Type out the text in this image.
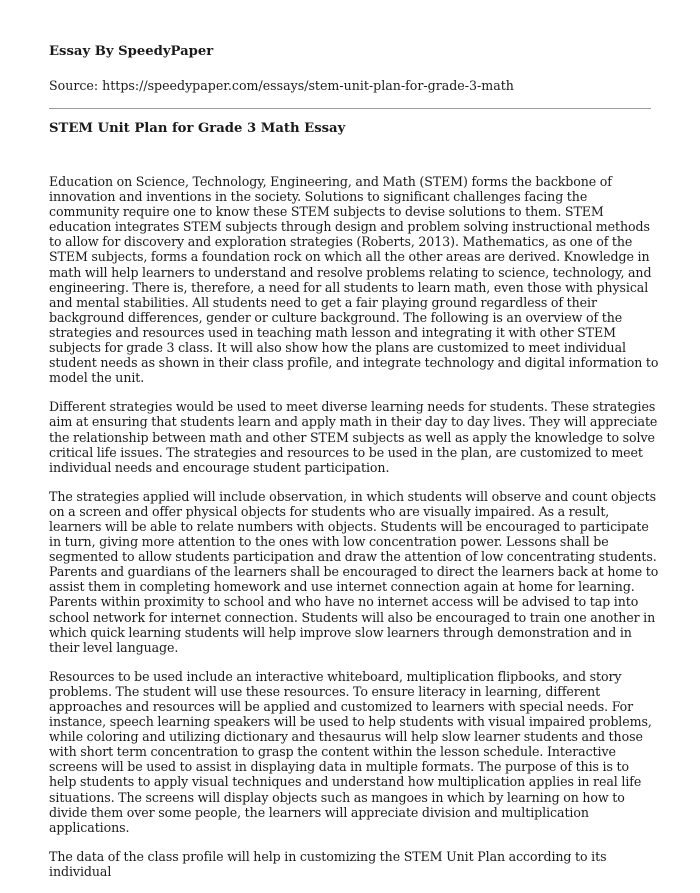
Essay By SpeedyPaper

Source: https://speedypaper.com/essays/stem-unit-plan-for-grade-3-math
STEM Unit Plan for Grade 3 Math Essay

Education on Science, Technology, Engineering, and Math (STEM) forms the backbone of innovation and inventions in the society. Solutions to significant challenges facing the community require one to know these STEM subjects to devise solutions to them. STEM education integrates STEM subjects through design and problem solving instructional methods to allow for discovery and exploration strategies (Roberts, 2013). Mathematics, as one of the STEM subjects, forms a foundation rock on which all the other areas are derived. Knowledge in math will help learners to understand and resolve problems relating to science, technology, and engineering. There is, therefore, a need for all students to learn math, even those with physical and mental stabilities. All students need to get a fair playing ground regardless of their background differences, gender or culture background. The following is an overview of the strategies and resources used in teaching math lesson and integrating it with other STEM subjects for grade 3 class. It will also show how the plans are customized to meet individual student needs as shown in their class profile, and integrate technology and digital information to model the unit.

Different strategies would be used to meet diverse learning needs for students. These strategies aim at ensuring that students learn and apply math in their day to day lives. They will appreciate the relationship between math and other STEM subjects as well as apply the knowledge to solve critical life issues. The strategies and resources to be used in the plan, are customized to meet individual needs and encourage student participation.

The strategies applied will include observation, in which students will observe and count objects on a screen and offer physical objects for students who are visually impaired. As a result, learners will be able to relate numbers with objects. Students will be encouraged to participate in turn, giving more attention to the ones with low concentration power. Lessons shall be segmented to allow students participation and draw the attention of low concentrating students. Parents and guardians of the learners shall be encouraged to direct the learners back at home to assist them in completing homework and use internet connection again at home for learning. Parents within proximity to school and who have no internet access will be advised to tap into school network for internet connection. Students will also be encouraged to train one another in which quick learning students will help improve slow learners through demonstration and in their level language.

Resources to be used include an interactive whiteboard, multiplication flipbooks, and story problems. The student will use these resources. To ensure literacy in learning, different approaches and resources will be applied and customized to learners with special needs. For instance, speech learning speakers will be used to help students with visual impaired problems, while coloring and utilizing dictionary and thesaurus will help slow learner students and those with short term concentration to grasp the content within the lesson schedule. Interactive screens will be used to assist in displaying data in multiple formats. The purpose of this is to help students to apply visual techniques and understand how multiplication applies in real life situations. The screens will display objects such as mangoes in which by learning on how to divide them over some people, the learners will appreciate division and multiplication applications.

The data of the class profile will help in customizing the STEM Unit Plan according to its individual
